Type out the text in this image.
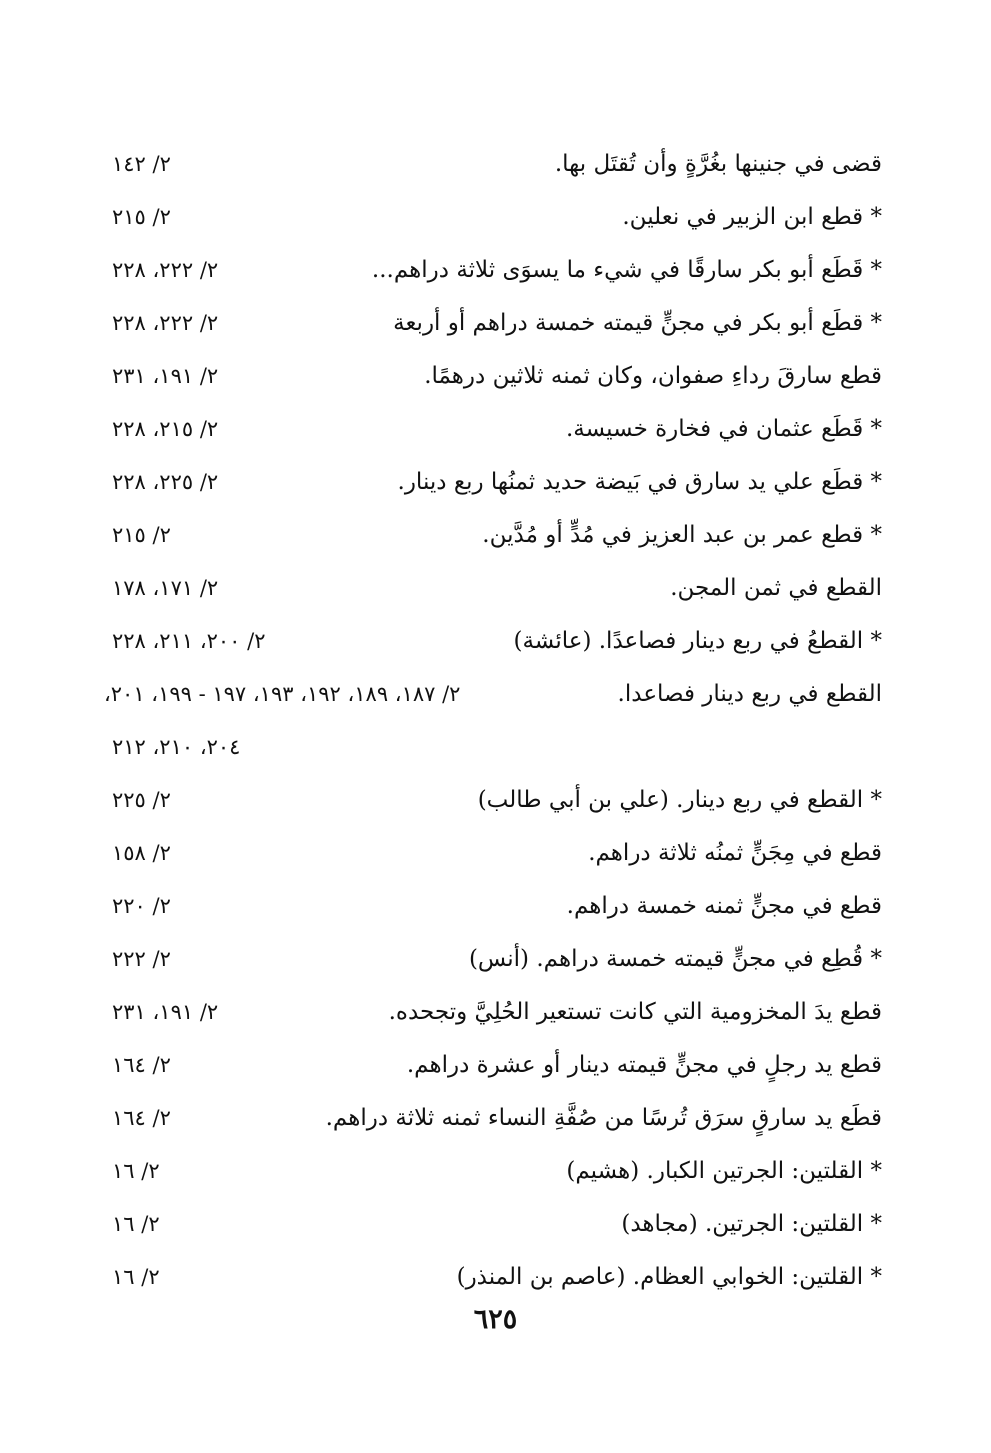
قضى في جنينها بغُرَّةٍ وأن تُقتَل بها.
٢/ ١٤٢
* قطع ابن الزبير في نعلين.
٢/ ٢١٥
* قَطَع أبو بكر سارقًا في شيء ما يسوَى ثلاثة دراهم...
٢/ ٢٢٢، ٢٢٨
* قطَع أبو بكر في مجنٍّ قيمته خمسة دراهم أو أربعة
٢/ ٢٢٢، ٢٢٨
قطع سارقَ رداءِ صفوان، وكان ثمنه ثلاثين درهمًا.
٢/ ١٩١، ٢٣١
* قَطَع عثمان في فخارة خسيسة.
٢/ ٢١٥، ٢٢٨
* قطَع علي يد سارق في بَيضة حديد ثمنُها ربع دينار.
٢/ ٢٢٥، ٢٢٨
* قطع عمر بن عبد العزيز في مُدٍّ أو مُدَّين.
٢/ ٢١٥
القطع في ثمن المجن.
٢/ ١٧١، ١٧٨
* القطعُ في ربع دينار فصاعدًا. (عائشة)
٢/ ٢٠٠، ٢١١، ٢٢٨
القطع في ربع دينار فصاعدا.
٢/ ١٨٧، ١٨٩، ١٩٢، ١٩٣، ١٩٧ - ١٩٩، ٢٠١،
٢٠٤، ٢١٠، ٢١٢
* القطع في ربع دينار. (علي بن أبي طالب)
٢/ ٢٢٥
قطع في مِجَنٍّ ثمنُه ثلاثة دراهم.
٢/ ١٥٨
قطع في مجنٍّ ثمنه خمسة دراهم.
٢/ ٢٢٠
* قُطِع في مجنٍّ قيمته خمسة دراهم. (أنس)
٢/ ٢٢٢
قطع يدَ المخزومية التي كانت تستعير الحُلِيَّ وتجحده.
٢/ ١٩١، ٢٣١
قطع يد رجلٍ في مجنٍّ قيمته دينار أو عشرة دراهم.
٢/ ١٦٤
قطَع يد سارقٍ سرَق تُرسًا من صُفَّةِ النساء ثمنه ثلاثة دراهم.
٢/ ١٦٤
* القلتين: الجرتين الكبار. (هشيم)
٢/ ١٦
* القلتين: الجرتين. (مجاهد)
٢/ ١٦
* القلتين: الخوابي العظام. (عاصم بن المنذر)
٢/ ١٦
٦٢٥
